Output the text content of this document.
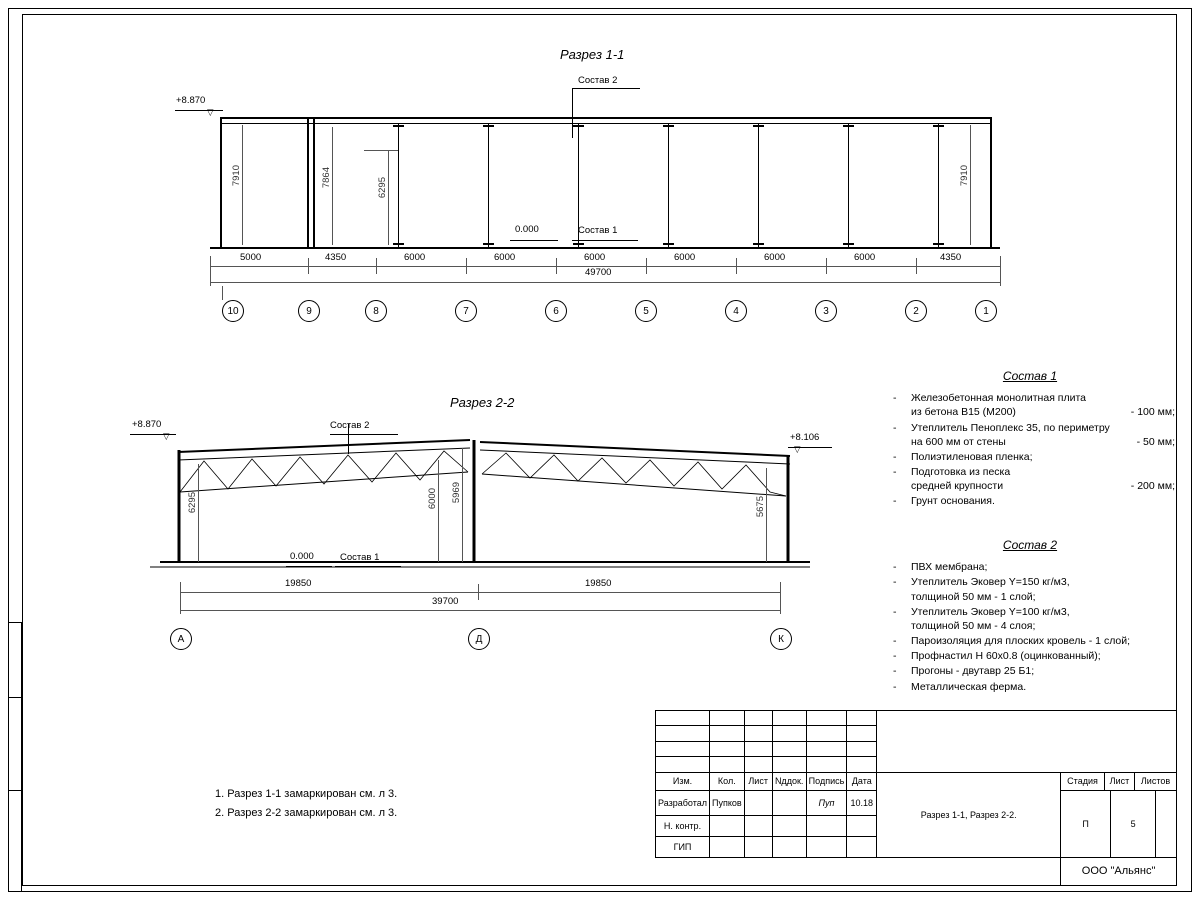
Разрез 1-1
Состав 2
+8.870
▽
7910	7864	6295
7910
0.000	Состав 1
49700
5000	4350	6000	6000	6000	6000	6000	6000	4350
10	9	8	7	6	5	4	3	2	1
Разрез 2-2
+8.870
▽	+8.106
▽
Состав 2
6295	6000 5969
5675
0.000	Состав 1
19850	19850
39700
А	Д	К
Состав 1
- Железобетонная монолитная плита
из бетона В15 (М200)	- 100 мм;
- Утеплитель Пеноплекс 35, по периметру
на 600 мм от стены	- 50 мм;
- Полиэтиленовая пленка;
- Подготовка из песка
средней крупности	- 200 мм;
- Грунт основания.
Состав 2
- ПВХ мембрана;
- Утеплитель Эковер Y=150 кг/м3,
толщиной 50 мм - 1 слой;
- Утеплитель Эковер Y=100 кг/м3,
толщиной 50 мм - 4 слоя;
- Пароизоляция для плоских кровель - 1 слой;
- Профнастил Н 60х0.8 (оцинкованный);
- Прогоны - двутавр 25 Б1;
- Металлическая ферма.
1. Разрез 1-1 замаркирован см. л 3.
2. Разрез 2-2 замаркирован см. л 3.

Изм.	Кол.	Лист	Nддок.	Подпись	Дата	Разрез 1-1, Разрез 2-2.	
Стадия	Лист	Листов

Разработал	Пупков			Пуп	10.18	
П	5	

Н. контр.					
ГИП					
		ООО "Альянс"
